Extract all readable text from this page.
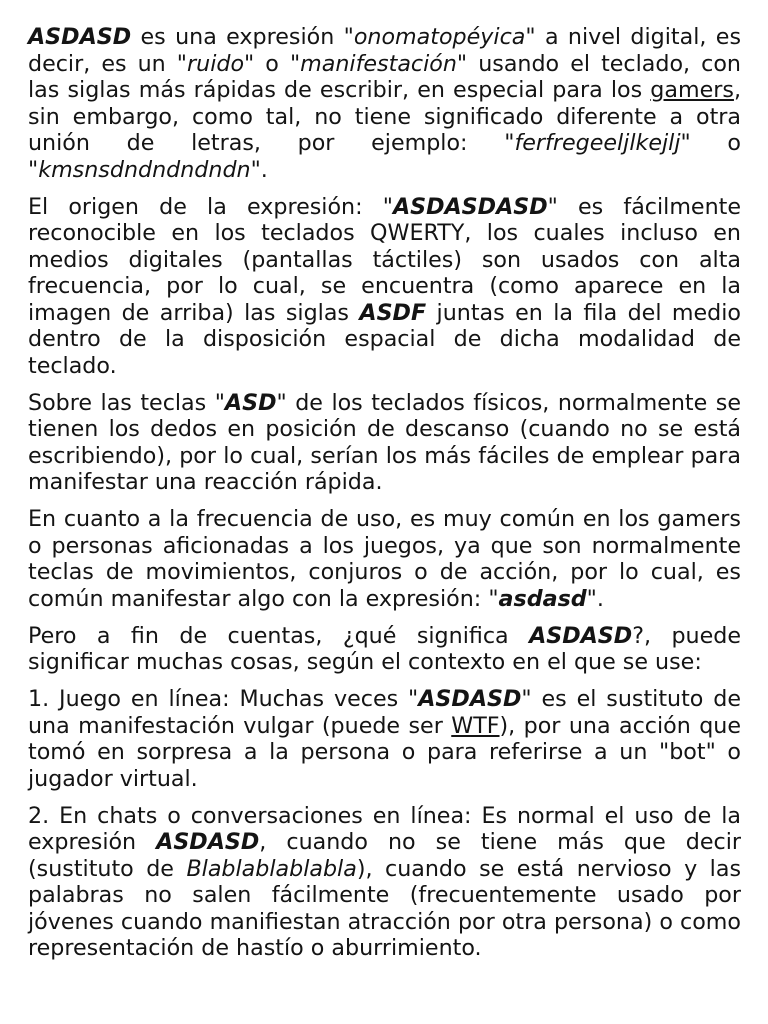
ASDASD es una expresión "onomatopéyica" a nivel digital, es decir, es un "ruido" o "manifestación" usando el teclado, con las siglas más rápidas de escribir, en especial para los gamers, sin embargo, como tal, no tiene significado diferente a otra unión de letras, por ejemplo: "ferfregeeljlkejlj" o "kmsnsdndndndndn".

El origen de la expresión: "ASDASDASD" es fácilmente reconocible en los teclados QWERTY, los cuales incluso en medios digitales (pantallas táctiles) son usados con alta frecuencia, por lo cual, se encuentra (como aparece en la imagen de arriba) las siglas ASDF juntas en la fila del medio dentro de la disposición espacial de dicha modalidad de teclado.

Sobre las teclas "ASD" de los teclados físicos, normalmente se tienen los dedos en posición de descanso (cuando no se está escribiendo), por lo cual, serían los más fáciles de emplear para manifestar una reacción rápida.

En cuanto a la frecuencia de uso, es muy común en los gamers o personas aficionadas a los juegos, ya que son normalmente teclas de movimientos, conjuros o de acción, por lo cual, es común manifestar algo con la expresión: "asdasd".

Pero a fin de cuentas, ¿qué significa ASDASD?, puede significar muchas cosas, según el contexto en el que se use:

1. Juego en línea: Muchas veces "ASDASD" es el sustituto de una manifestación vulgar (puede ser WTF), por una acción que tomó en sorpresa a la persona o para referirse a un "bot" o jugador virtual.

2. En chats o conversaciones en línea: Es normal el uso de la expresión ASDASD, cuando no se tiene más que decir (sustituto de Blablablablabla), cuando se está nervioso y las palabras no salen fácilmente (frecuentemente usado por jóvenes cuando manifiestan atracción por otra persona) o como representación de hastío o aburrimiento.
